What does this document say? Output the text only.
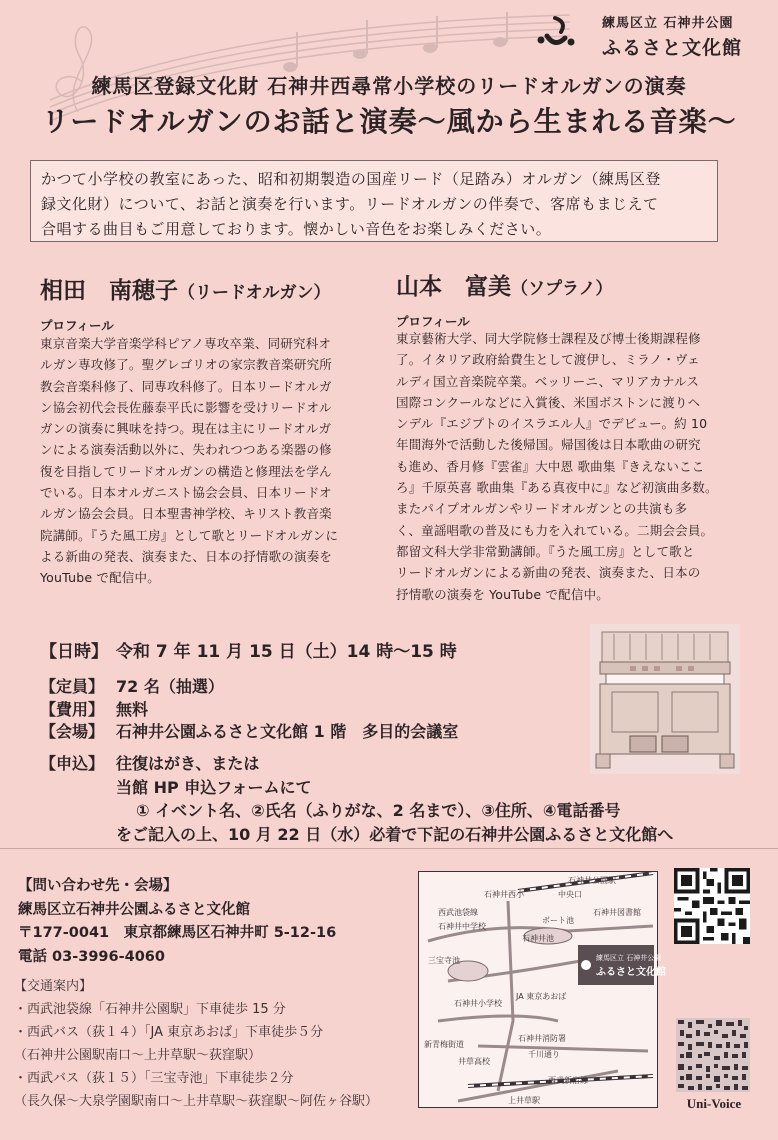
練馬区立 石神井公園
ふるさと文化館
練馬区登録文化財 石神井西尋常小学校のリードオルガンの演奏
リードオルガンのお話と演奏〜風から生まれる音楽〜
かつて小学校の教室にあった、昭和初期製造の国産リード（足踏み）オルガン（練馬区登
録文化財）について、お話と演奏を行います。リードオルガンの伴奏で、客席もまじえて
合唱する曲目もご用意しております。懐かしい音色をお楽しみください。
相田　南穂子（リードオルガン）
プロフィール
東京音楽大学音楽学科ピアノ専攻卒業、同研究科オ
ルガン専攻修了。聖グレゴリオの家宗教音楽研究所
教会音楽科修了、同専攻科修了。日本リードオルガ
ン協会初代会長佐藤泰平氏に影響を受けリードオル
ガンの演奏に興味を持つ。現在は主にリードオルガ
ンによる演奏活動以外に、失われつつある楽器の修
復を目指してリードオルガンの構造と修理法を学ん
でいる。日本オルガニスト協会会員、日本リードオ
ルガン協会会員。日本聖書神学校、キリスト教音楽
院講師。『うた風工房』として歌とリードオルガンに
よる新曲の発表、演奏また、日本の抒情歌の演奏を
YouTube で配信中。
山本　富美（ソプラノ）
プロフィール
東京藝術大学、同大学院修士課程及び博士後期課程修
了。イタリア政府給費生として渡伊し、ミラノ・ヴェ
ルディ国立音楽院卒業。ベッリーニ、マリアカナルス
国際コンクールなどに入賞後、米国ボストンに渡りヘ
ンデル『エジプトのイスラエル人』でデビュー。約 10
年間海外で活動した後帰国。帰国後は日本歌曲の研究
も進め、香月修『雲雀』大中恩 歌曲集『きえないここ
ろ』千原英喜 歌曲集『ある真夜中に』など初演曲多数。
またパイプオルガンやリードオルガンとの共演も多
く、童謡唱歌の普及にも力を入れている。二期会会員。
都留文科大学非常勤講師。『うた風工房』として歌と
リードオルガンによる新曲の発表、演奏また、日本の
抒情歌の演奏を YouTube で配信中。
【日時】 令和 7 年 11 月 15 日（土）14 時〜15 時
【定員】 72 名（抽選）
【費用】 無料
【会場】 石神井公園ふるさと文化館 1 階　多目的会議室
【申込】 往復はがき、または
当館 HP 申込フォームにて
① イベント名、②氏名（ふりがな、2 名まで）、③住所、④電話番号
をご記入の上、10 月 22 日（水）必着で下記の石神井公園ふるさと文化館へ
【問い合わせ先・会場】
練馬区立石神井公園ふるさと文化館
〒177-0041　東京都練馬区石神井町 5-12-16
電話 03-3996-4060
【交通案内】
・西武池袋線「石神井公園駅」下車徒歩 15 分
・西武バス（荻１４）「JA 東京あおば」下車徒歩５分
（石神井公園駅南口〜上井草駅〜荻窪駅）
・西武バス（荻１５）「三宝寺池」下車徒歩２分
（長久保〜大泉学園駅南口〜上井草駅〜荻窪駅〜阿佐ヶ谷駅）
石神井公園駅
中央口
石神井西小
西武池袋線
石神井中学校
石神井池
ボート池
石神井図書館
三宝寺池
石神井小学校
JA 東京あおば
石神井消防署
井草高校
新青梅街道
千川通り
西武新宿線
上井草駅
練馬区立 石神井公園
ふるさと文化館
Uni-Voice
